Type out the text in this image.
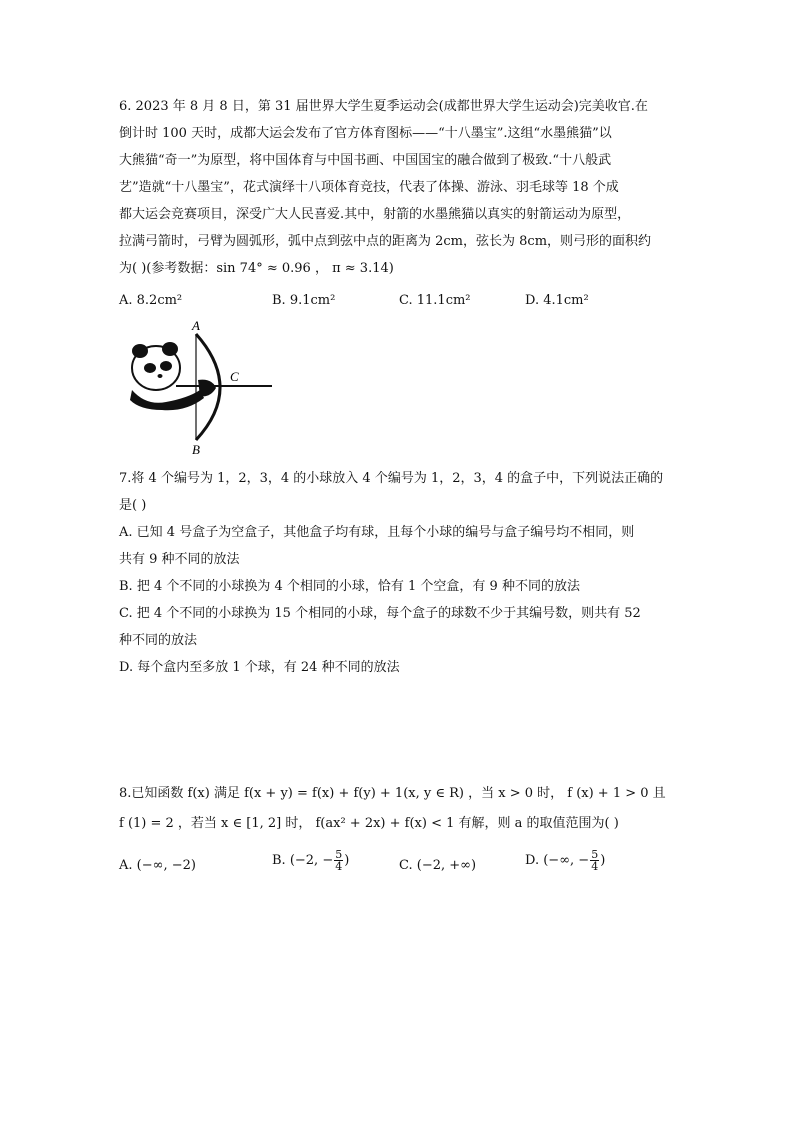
6. 2023 年 8 月 8 日，第 31 届世界大学生夏季运动会(成都世界大学生运动会)完美收官.在
倒计时 100 天时，成都大运会发布了官方体育图标——“十八墨宝”.这组“水墨熊猫”以
大熊猫“奇一”为原型，将中国体育与中国书画、中国国宝的融合做到了极致.“十八般武
艺”造就“十八墨宝”，花式演绎十八项体育竞技，代表了体操、游泳、羽毛球等 18 个成
都大运会竞赛项目，深受广大人民喜爱.其中，射箭的水墨熊猫以真实的射箭运动为原型，
拉满弓箭时，弓臂为圆弧形，弧中点到弦中点的距离为 2cm，弦长为 8cm，则弓形的面积约
为( )(参考数据：sin 74° ≈ 0.96 ， π ≈ 3.14)
A. 8.2cm²	B. 9.1cm²	C. 11.1cm²	D. 4.1cm²
A
B
C
7.将 4 个编号为 1，2，3，4 的小球放入 4 个编号为 1，2，3，4 的盒子中，下列说法正确的
是( )
A. 已知 4 号盒子为空盒子，其他盒子均有球，且每个小球的编号与盒子编号均不相同，则
共有 9 种不同的放法
B. 把 4 个不同的小球换为 4 个相同的小球，恰有 1 个空盒，有 9 种不同的放法
C. 把 4 个不同的小球换为 15 个相同的小球，每个盒子的球数不少于其编号数，则共有 52
种不同的放法
D. 每个盒内至多放 1 个球，有 24 种不同的放法
8.已知函数 f(x) 满足 f(x + y) = f(x) + f(y) + 1(x, y ∈ R) ，当 x > 0 时， f (x) + 1 > 0 且
f (1) = 2 ，若当 x ∈ [1, 2] 时， f(ax² + 2x) + f(x) < 1 有解，则 a 的取值范围为( )
A. (−∞, −2)	B. (−2, − $\frac{5}{4}$ )	C. (−2, +∞)	D. (−∞, − $\frac{5}{4}$ )
